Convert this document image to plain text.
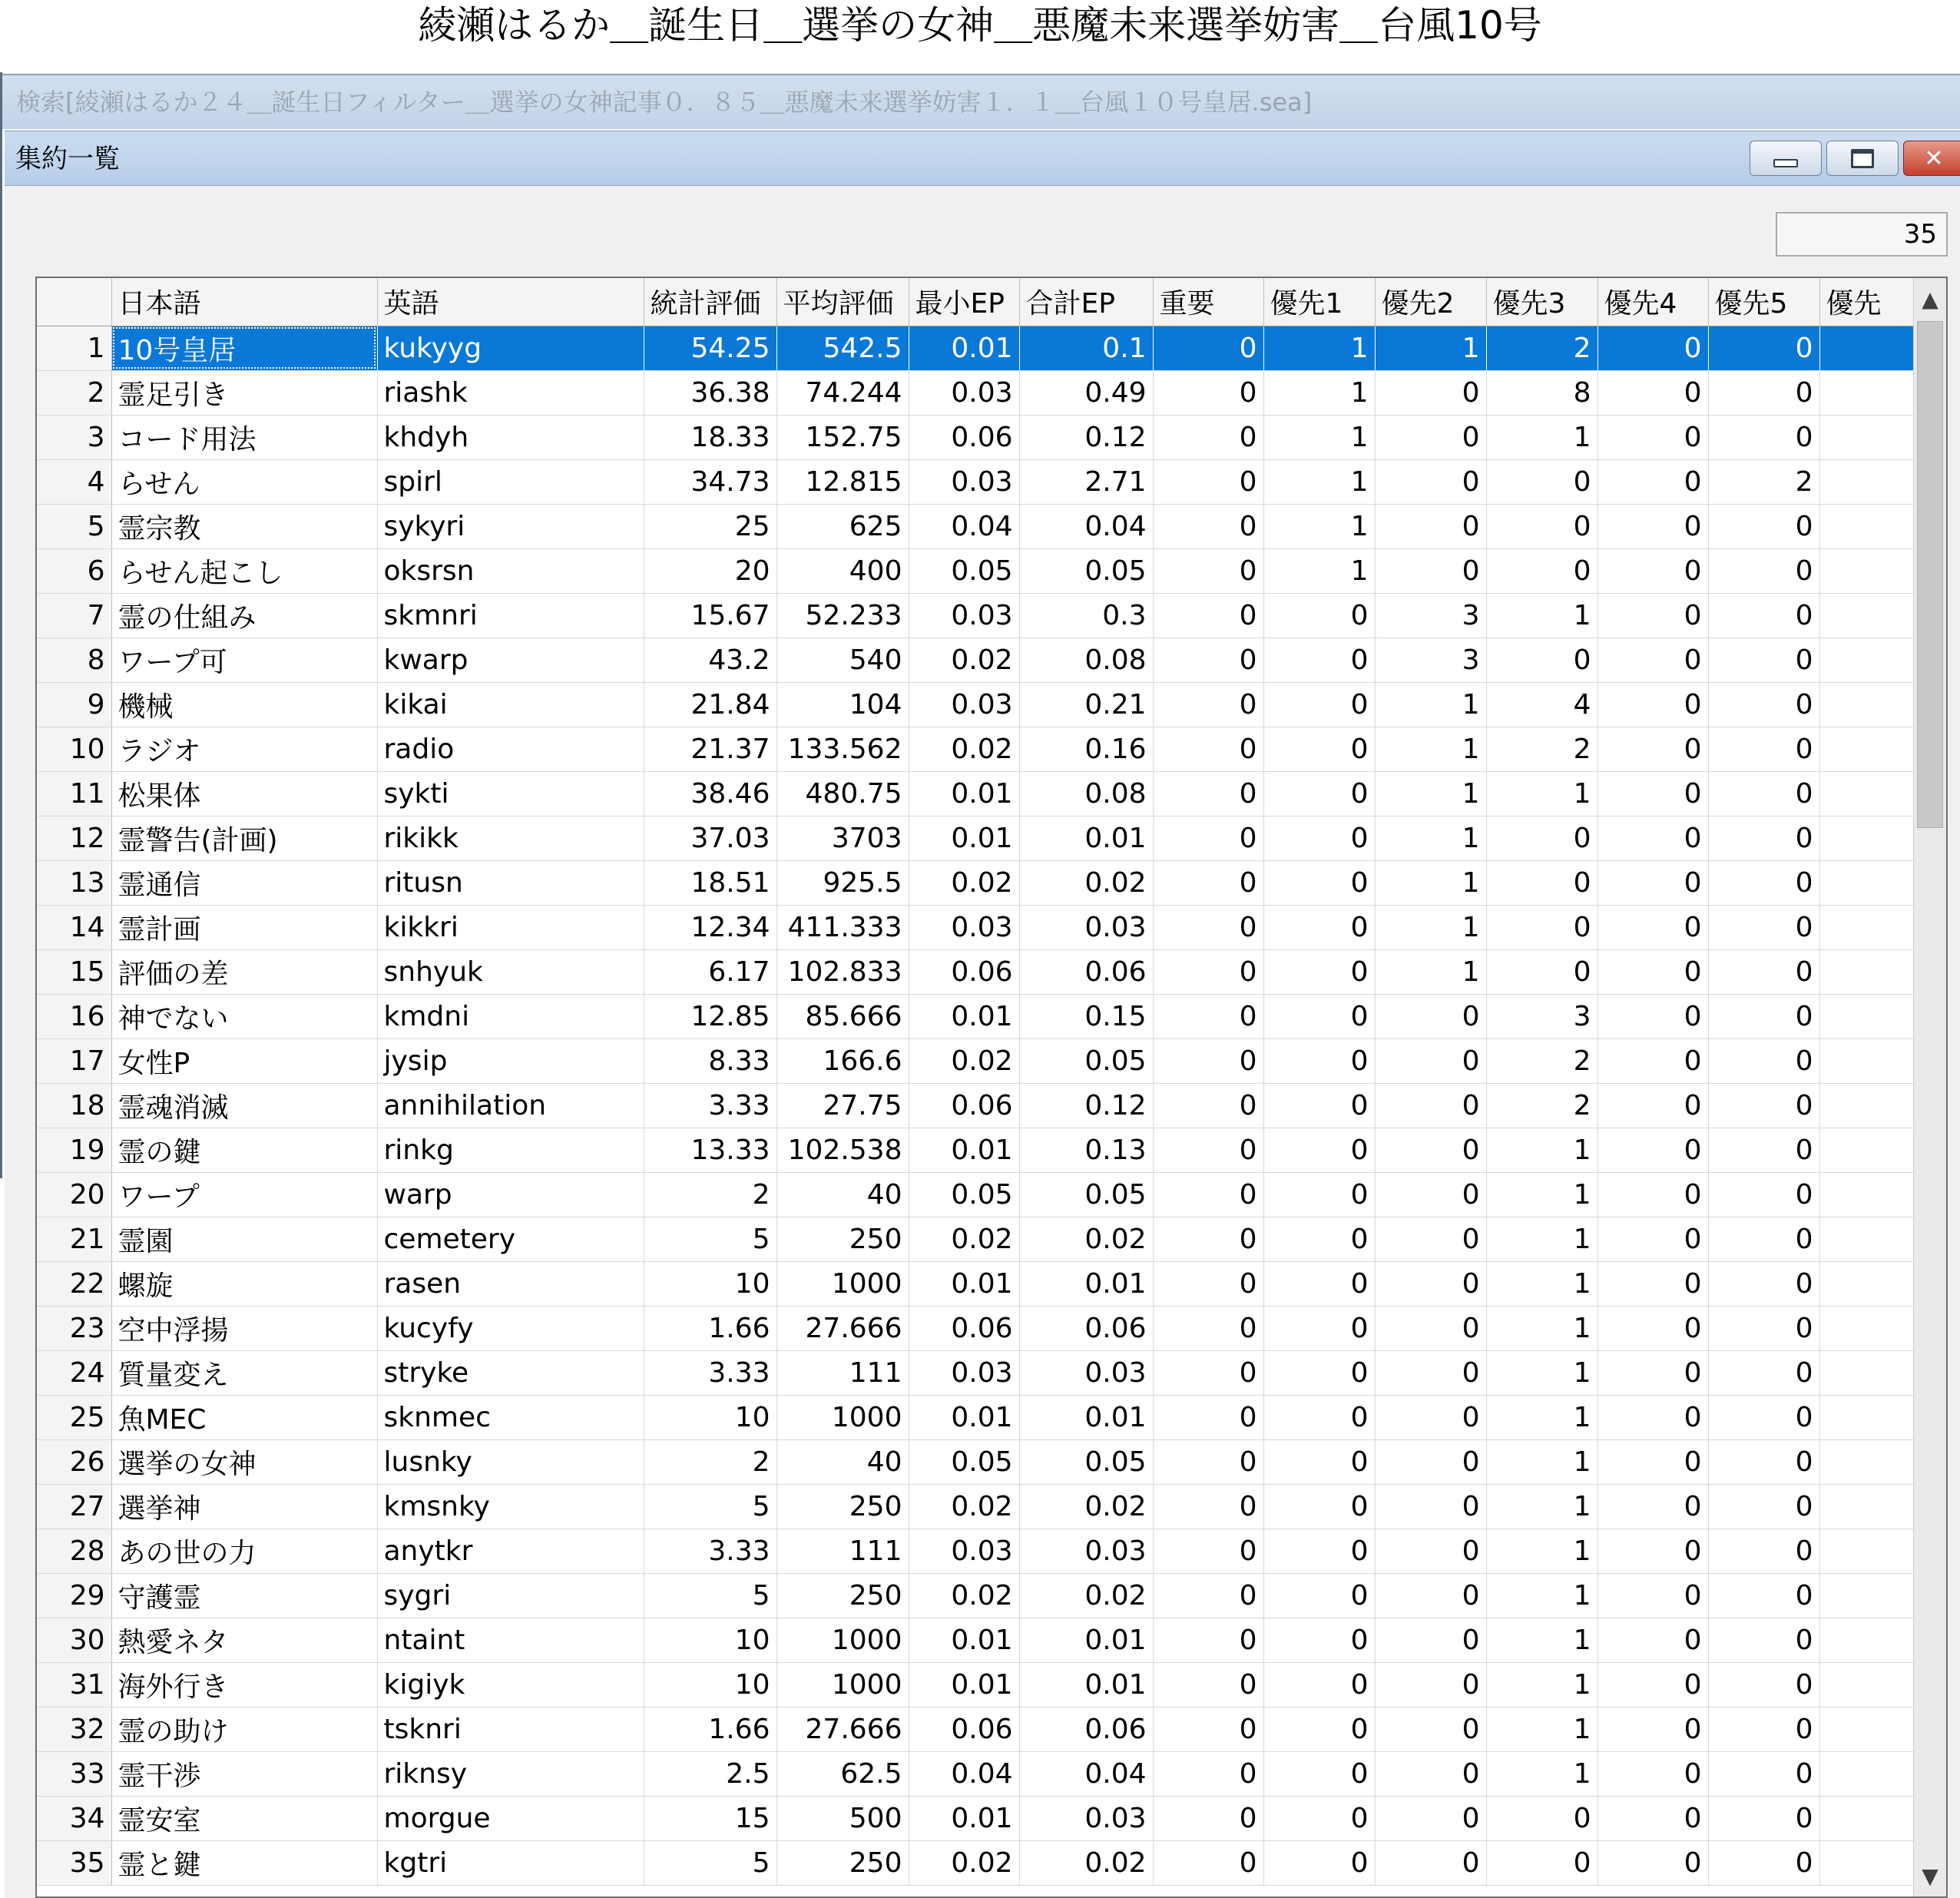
綾瀬はるか＿誕生日＿選挙の女神＿悪魔未来選挙妨害＿台風10号
検索[綾瀬はるか２４＿誕生日フィルター＿選挙の女神記事０．８５＿悪魔未来選挙妨害１．１＿台風１０号皇居.sea]
集約一覧	✕
35
	日本語	英語	統計評価	平均評価	最小EP	合計EP	重要	優先1	優先2	優先3	優先4	優先5	優先
1	10号皇居	kukyyg	54.25	542.5	0.01	0.1	0	1	1	2	0	0	
2	霊足引き	riashk	36.38	74.244	0.03	0.49	0	1	0	8	0	0	
3	コード用法	khdyh	18.33	152.75	0.06	0.12	0	1	0	1	0	0	
4	らせん	spirl	34.73	12.815	0.03	2.71	0	1	0	0	0	2	
5	霊宗教	sykyri	25	625	0.04	0.04	0	1	0	0	0	0	
6	らせん起こし	oksrsn	20	400	0.05	0.05	0	1	0	0	0	0	
7	霊の仕組み	skmnri	15.67	52.233	0.03	0.3	0	0	3	1	0	0	
8	ワープ可	kwarp	43.2	540	0.02	0.08	0	0	3	0	0	0	
9	機械	kikai	21.84	104	0.03	0.21	0	0	1	4	0	0	
10	ラジオ	radio	21.37	133.562	0.02	0.16	0	0	1	2	0	0	
11	松果体	sykti	38.46	480.75	0.01	0.08	0	0	1	1	0	0	
12	霊警告(計画)	rikikk	37.03	3703	0.01	0.01	0	0	1	0	0	0	
13	霊通信	ritusn	18.51	925.5	0.02	0.02	0	0	1	0	0	0	
14	霊計画	kikkri	12.34	411.333	0.03	0.03	0	0	1	0	0	0	
15	評価の差	snhyuk	6.17	102.833	0.06	0.06	0	0	1	0	0	0	
16	神でない	kmdni	12.85	85.666	0.01	0.15	0	0	0	3	0	0	
17	女性P	jysip	8.33	166.6	0.02	0.05	0	0	0	2	0	0	
18	霊魂消滅	annihilation	3.33	27.75	0.06	0.12	0	0	0	2	0	0	
19	霊の鍵	rinkg	13.33	102.538	0.01	0.13	0	0	0	1	0	0	
20	ワープ	warp	2	40	0.05	0.05	0	0	0	1	0	0	
21	霊園	cemetery	5	250	0.02	0.02	0	0	0	1	0	0	
22	螺旋	rasen	10	1000	0.01	0.01	0	0	0	1	0	0	
23	空中浮揚	kucyfy	1.66	27.666	0.06	0.06	0	0	0	1	0	0	
24	質量変え	stryke	3.33	111	0.03	0.03	0	0	0	1	0	0	
25	魚MEC	sknmec	10	1000	0.01	0.01	0	0	0	1	0	0	
26	選挙の女神	lusnky	2	40	0.05	0.05	0	0	0	1	0	0	
27	選挙神	kmsnky	5	250	0.02	0.02	0	0	0	1	0	0	
28	あの世の力	anytkr	3.33	111	0.03	0.03	0	0	0	1	0	0	
29	守護霊	sygri	5	250	0.02	0.02	0	0	0	1	0	0	
30	熱愛ネタ	ntaint	10	1000	0.01	0.01	0	0	0	1	0	0	
31	海外行き	kigiyk	10	1000	0.01	0.01	0	0	0	1	0	0	
32	霊の助け	tsknri	1.66	27.666	0.06	0.06	0	0	0	1	0	0	
33	霊干渉	riknsy	2.5	62.5	0.04	0.04	0	0	0	1	0	0	
34	霊安室	morgue	15	500	0.01	0.03	0	0	0	0	0	0	
35	霊と鍵	kgtri	5	250	0.02	0.02	0	0	0	0	0	0	
▲
▼
